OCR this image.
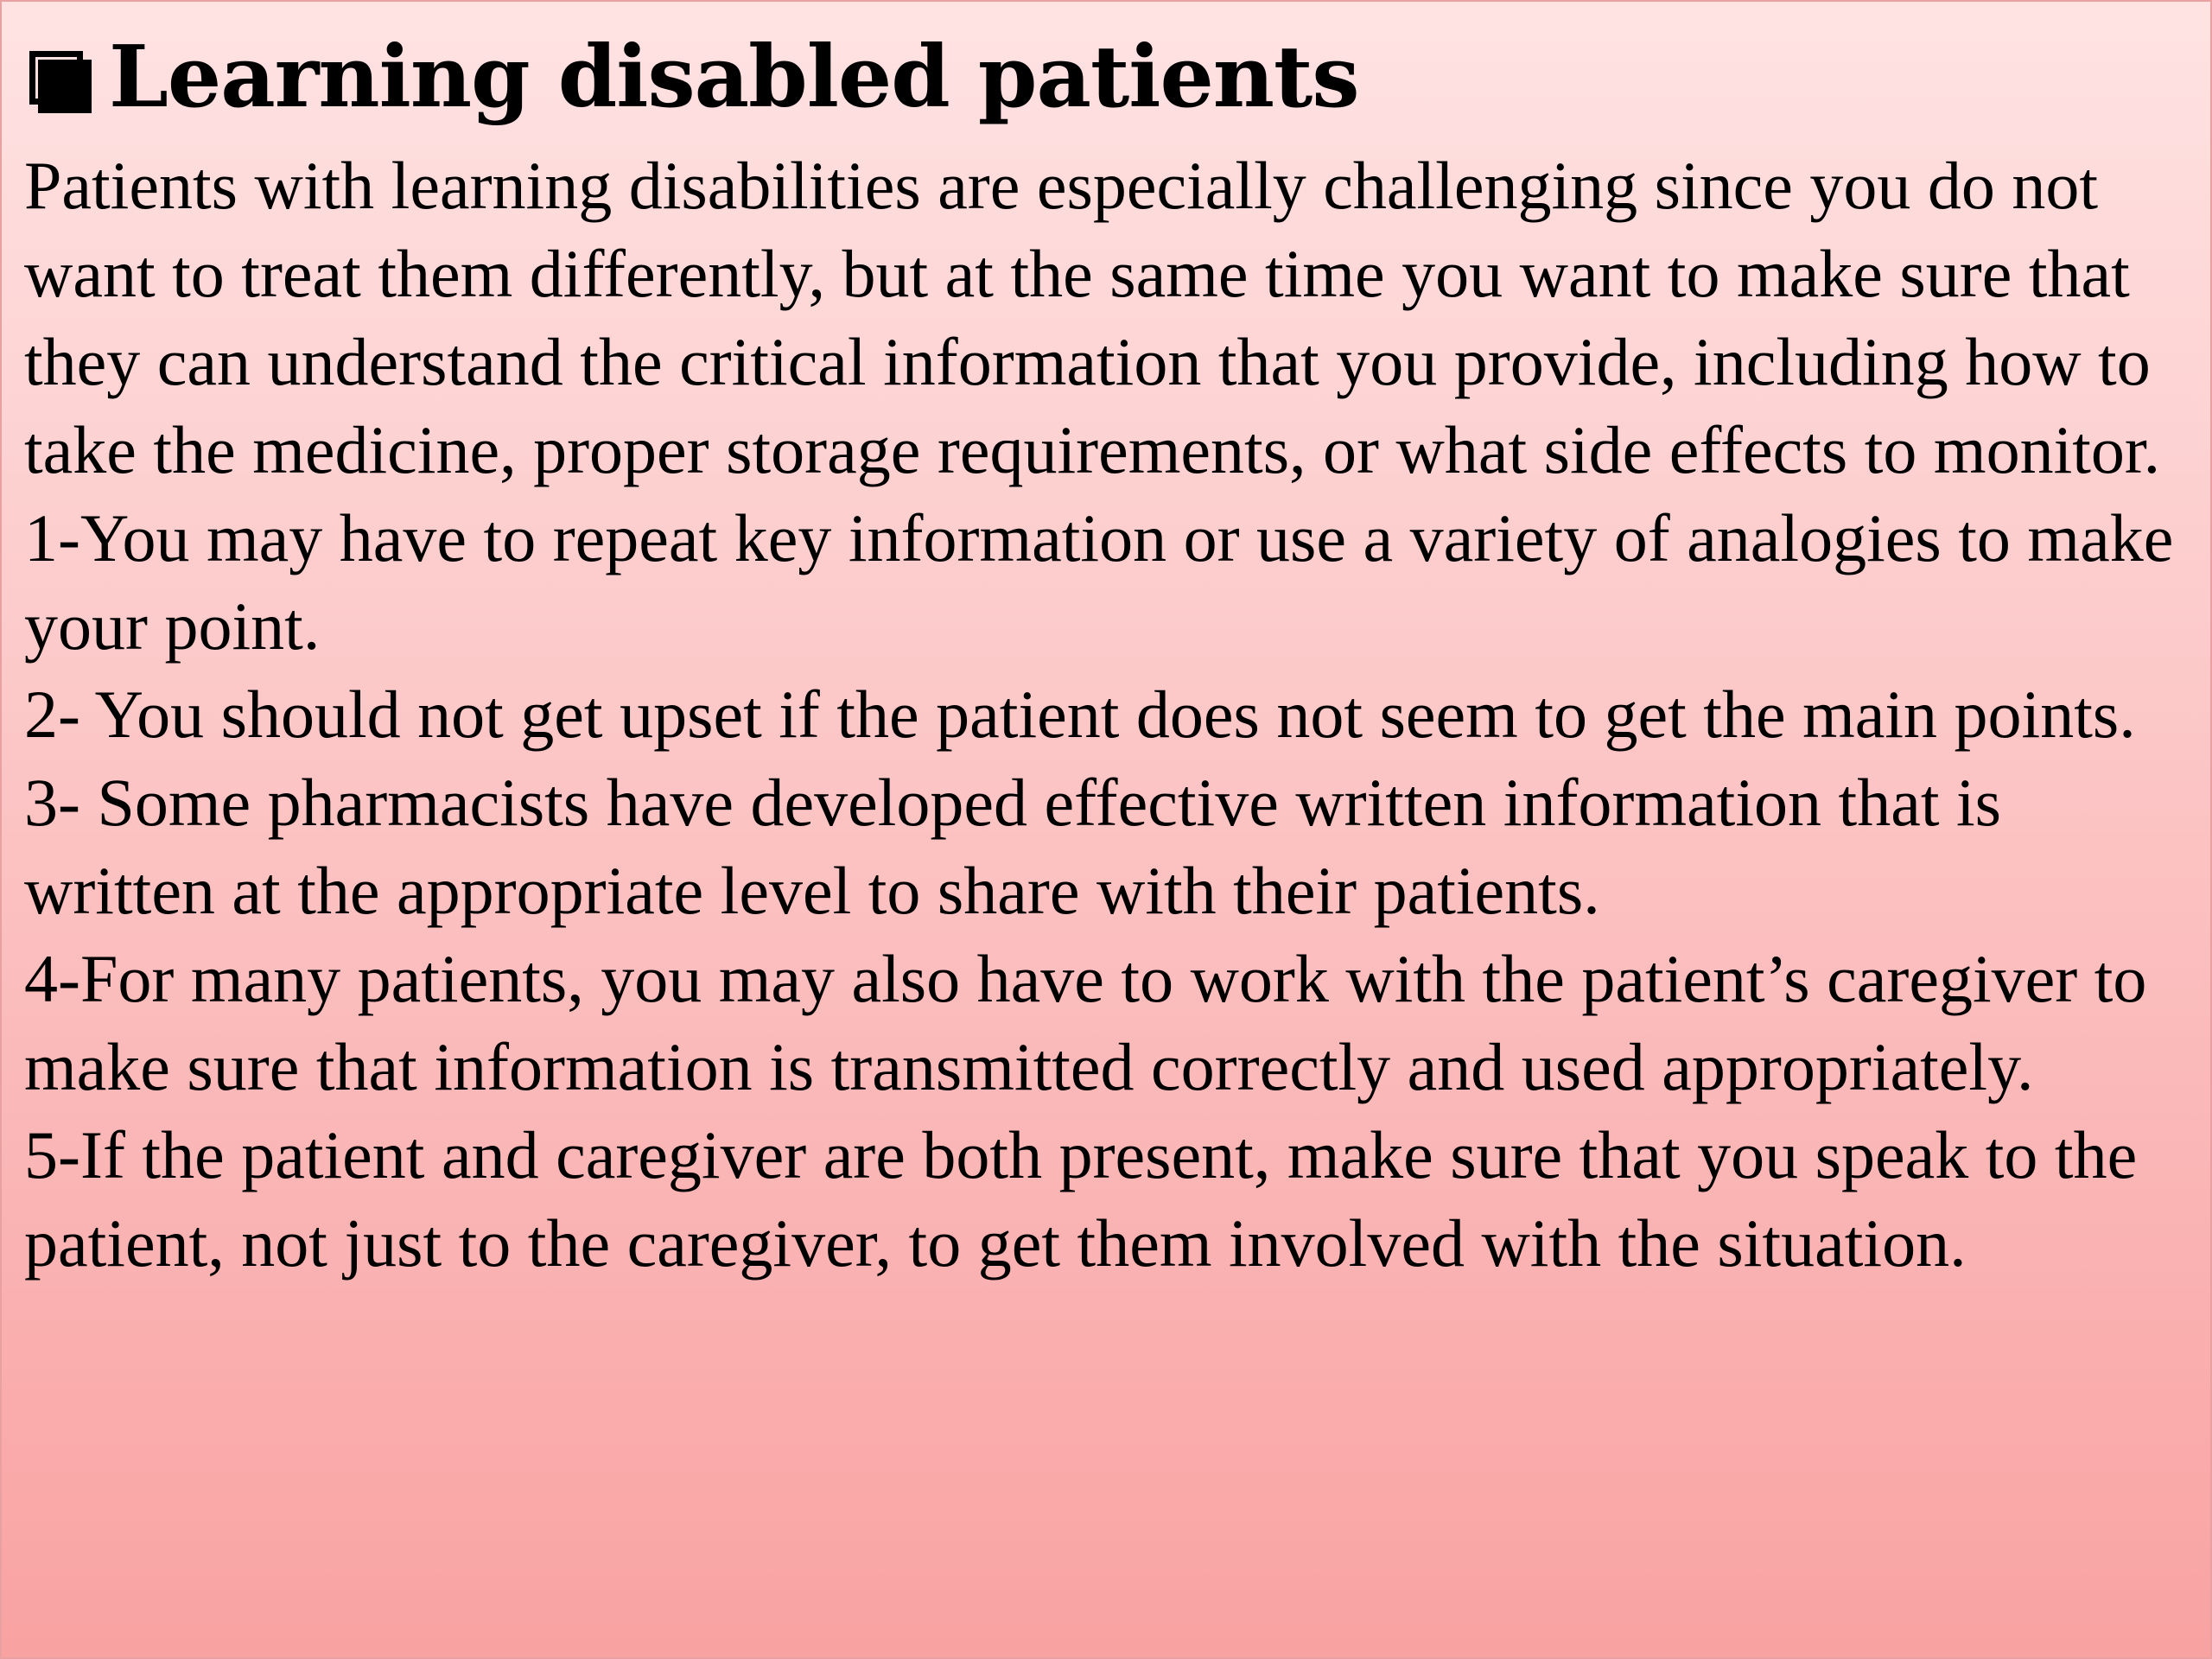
Learning disabled patients

Patients with learning disabilities are especially challenging since you do not want to treat them differently, but at the same time you want to make sure that they can understand the critical information that you provide, including how to take the medicine, proper storage requirements, or what side effects to monitor.

1-You may have to repeat key information or use a variety of analogies to make your point.

2- You should not get upset if the patient does not seem to get the main points.

3- Some pharmacists have developed effective written information that is written at the appropriate level to share with their patients.

4-For many patients, you may also have to work with the patient’s caregiver to make sure that information is transmitted correctly and used appropriately.

5-If the patient and caregiver are both present, make sure that you speak to the patient, not just to the caregiver, to get them involved with the situation.
